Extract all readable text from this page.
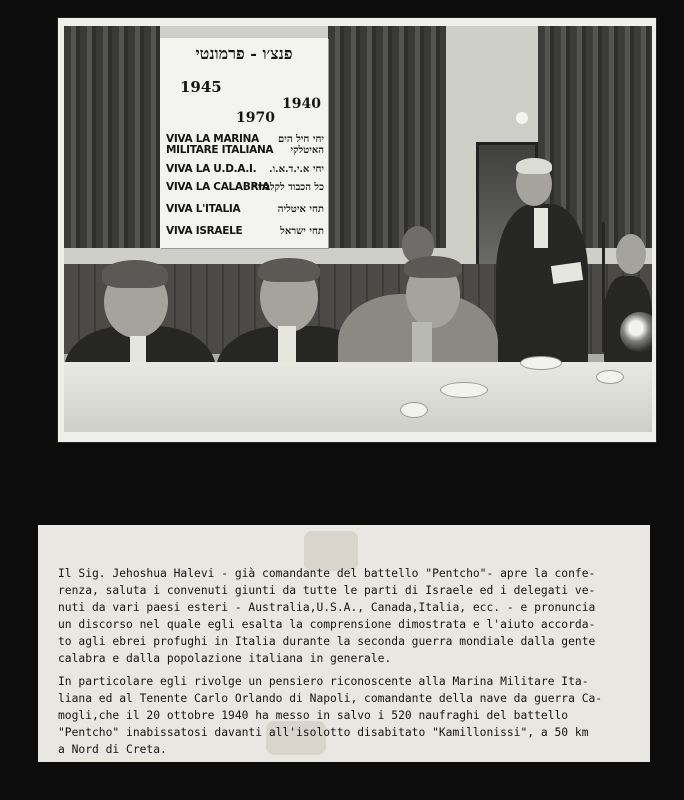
פנצ׳ו - פרמונטי
1945
1940
1970
VIVA LA MARINA
MILITARE ITALIANA
יחי חיל הים האיטלקי
VIVA LA U.D.A.I. יחי א.י.ד.א.ו.
VIVA LA CALABRIA
כל הכבוד לקלבריה
VIVA L'ITALIA	תחי איטליה
VIVA ISRAELE	תחי ישראל

Il Sig. Jehoshua Halevi - già comandante del battello "Pentcho"- apre la confe-
renza, saluta i convenuti giunti da tutte le parti di Israele ed i delegati ve-
nuti da vari paesi esteri - Australia,U.S.A., Canada,Italia, ecc. - e pronuncia
un discorso nel quale egli esalta la comprensione dimostrata e l'aiuto accorda-
to agli ebrei profughi in Italia durante la seconda guerra mondiale dalla gente
calabra e dalla popolazione italiana in generale.

In particolare egli rivolge un pensiero riconoscente alla Marina Militare Ita-
liana ed al Tenente Carlo Orlando di Napoli, comandante della nave da guerra Ca-
mogli,che il 20 ottobre 1940 ha messo in salvo i 520 naufraghi del battello
"Pentcho" inabissatosi davanti all'isolotto disabitato "Kamillonissi", a 50 km
a Nord di Creta.
